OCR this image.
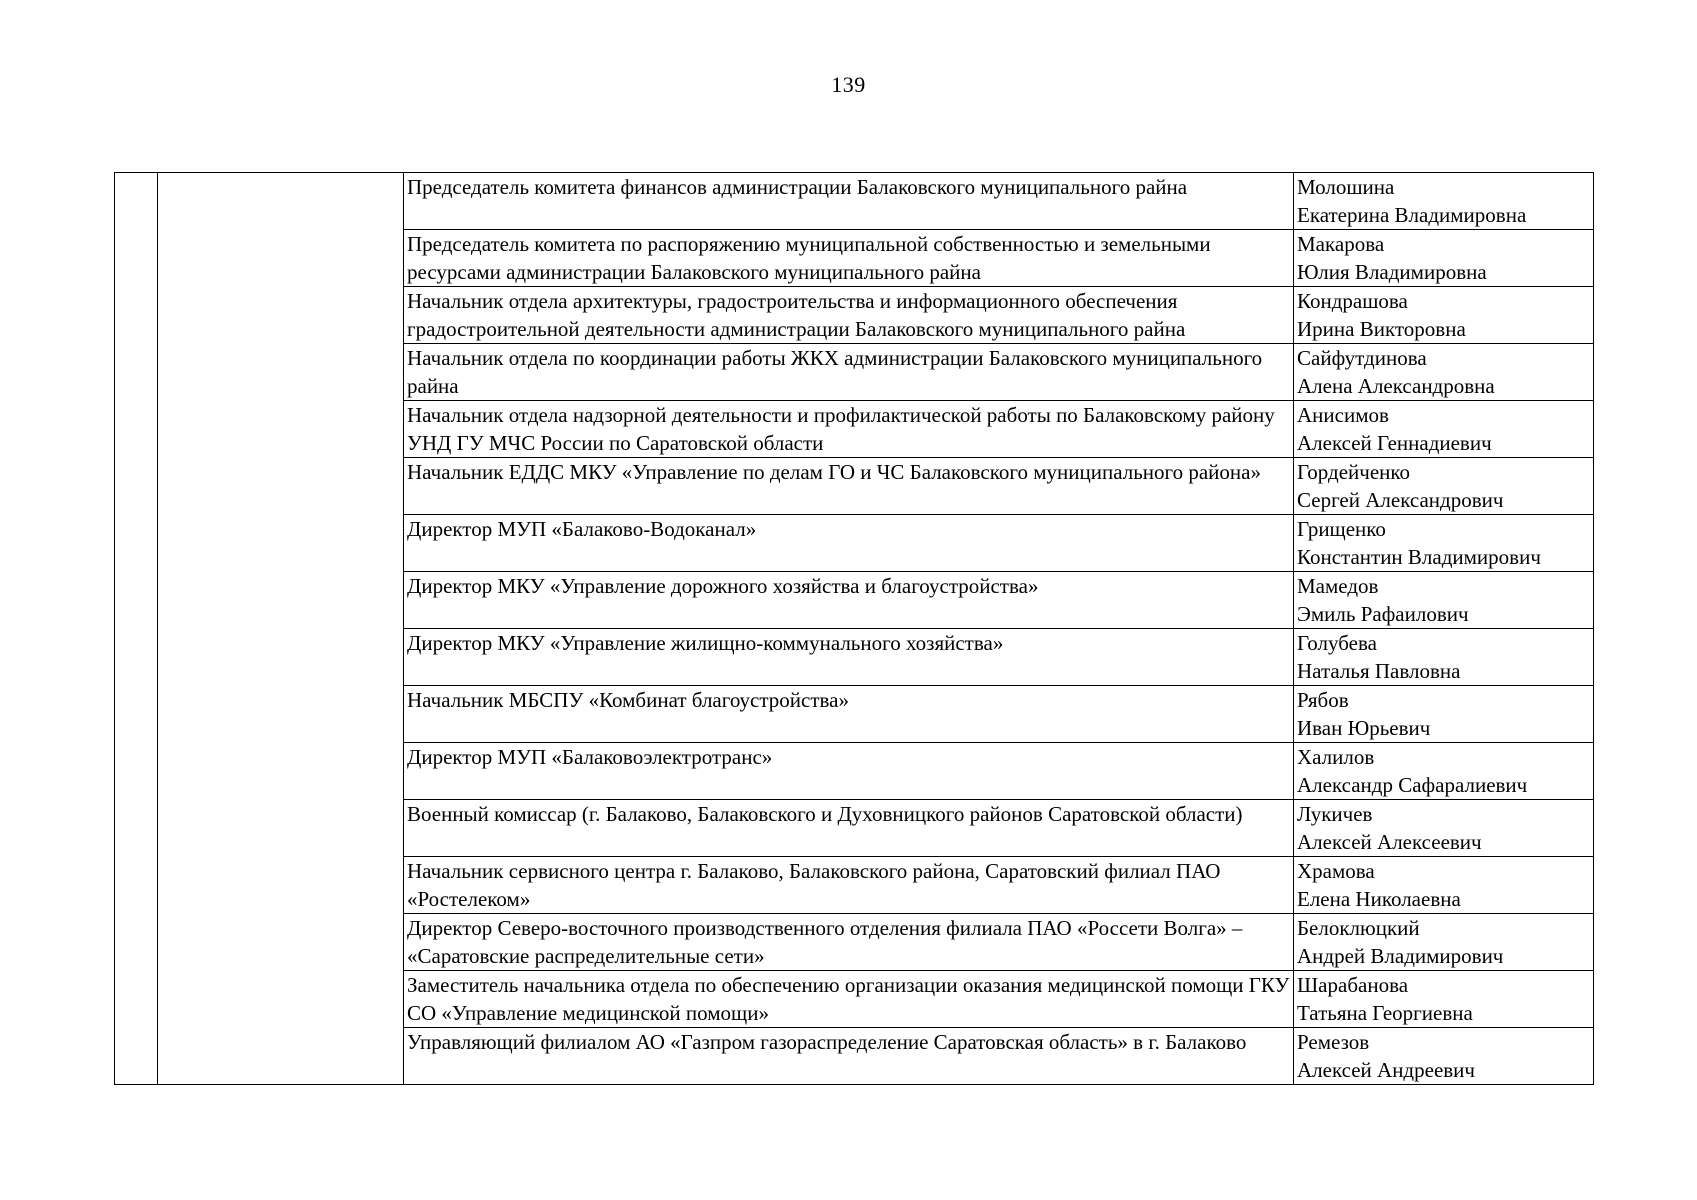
139

		Председатель комитета финансов администрации Балаковского муниципального райна	Молошина
Екатерина Владимировна

		Председатель комитета по распоряжению муниципальной собственностью и земельными ресурсами администрации Балаковского муниципального райна	Макарова
Юлия Владимировна

		Начальник отдела архитектуры, градостроительства и информационного обеспечения градостроительной деятельности администрации Балаковского муниципального райна	Кондрашова
Ирина Викторовна

		Начальник отдела по координации работы ЖКХ администрации Балаковского муниципального райна	Сайфутдинова
Алена Александровна

		Начальник отдела надзорной деятельности и профилактической работы по Балаковскому району УНД ГУ МЧС России по Саратовской области	Анисимов
Алексей Геннадиевич

		Начальник ЕДДС МКУ «Управление по делам ГО и ЧС Балаковского муниципального района»	Гордейченко
Сергей Александрович

		Директор МУП «Балаково-Водоканал»	Грищенко
Константин Владимирович

		Директор МКУ «Управление дорожного хозяйства и благоустройства»	Мамедов
Эмиль Рафаилович

		Директор МКУ «Управление жилищно-коммунального хозяйства»	Голубева
Наталья Павловна

		Начальник МБСПУ «Комбинат благоустройства»	Рябов
Иван Юрьевич

		Директор МУП «Балаковоэлектротранс»	Халилов
Александр Сафаралиевич

		Военный комиссар (г. Балаково, Балаковского и Духовницкого районов Саратовской области)	Лукичев
Алексей Алексеевич

		Начальник сервисного центра г. Балаково, Балаковского района, Саратовский филиал ПАО «Ростелеком»	Храмова
Елена Николаевна

		Директор Северо-восточного производственного отделения филиала ПАО «Россети Волга» – «Саратовские распределительные сети»	Белоклюцкий
Андрей Владимирович

		Заместитель начальника отдела по обеспечению организации оказания медицинской помощи ГКУ СО «Управление медицинской помощи»	Шарабанова
Татьяна Георгиевна

		Управляющий филиалом АО «Газпром газораспределение Саратовская область» в г. Балаково	Ремезов
Алексей Андреевич
